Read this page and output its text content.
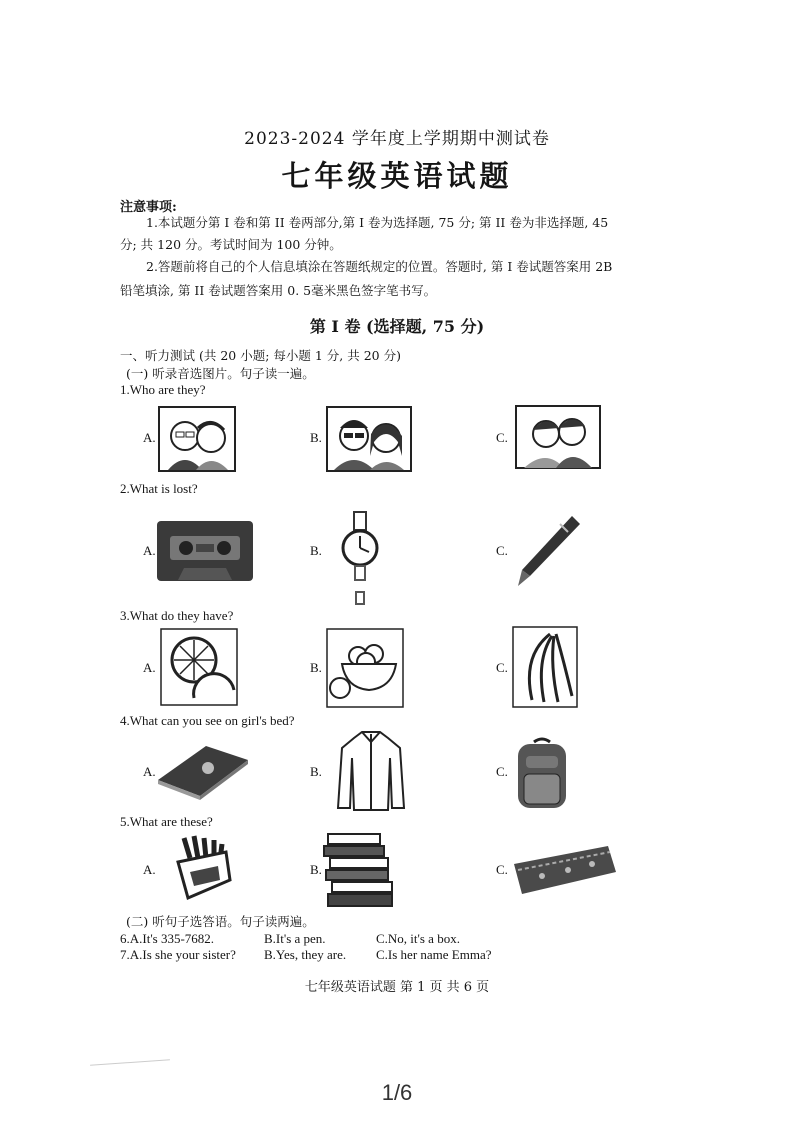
2023-2024 学年度上学期期中测试卷
七年级英语试题
注意事项:
1.本试题分第 I 卷和第 II 卷两部分,第 I 卷为选择题, 75 分; 第 II 卷为非选择题, 45
分; 共 120 分。考试时间为 100 分钟。
2.答题前将自己的个人信息填涂在答题纸规定的位置。答题时, 第 I 卷试题答案用 2B
铅笔填涂, 第 II 卷试题答案用 0. 5毫米黑色签字笔书写。
第 I 卷 (选择题, 75 分)
一、听力测试 (共 20 小题; 每小题 1 分, 共 20 分)
(一) 听录音选图片。句子读一遍。
1.Who are they?
A.	B.	C.
2.What is lost?
A.	B.	C.
3.What do they have?
A.	B.	C.
4.What can you see on girl's bed?
A.	B.	C.
5.What are these?
A.	B.	C.
(二) 听句子选答语。句子读两遍。
6.A.It's 335-7682.	B.It's a pen.	C.No, it's a box.
7.A.Is she your sister? B.Yes, they are. C.Is her name Emma?
七年级英语试题 第 1 页 共 6 页
1/6
